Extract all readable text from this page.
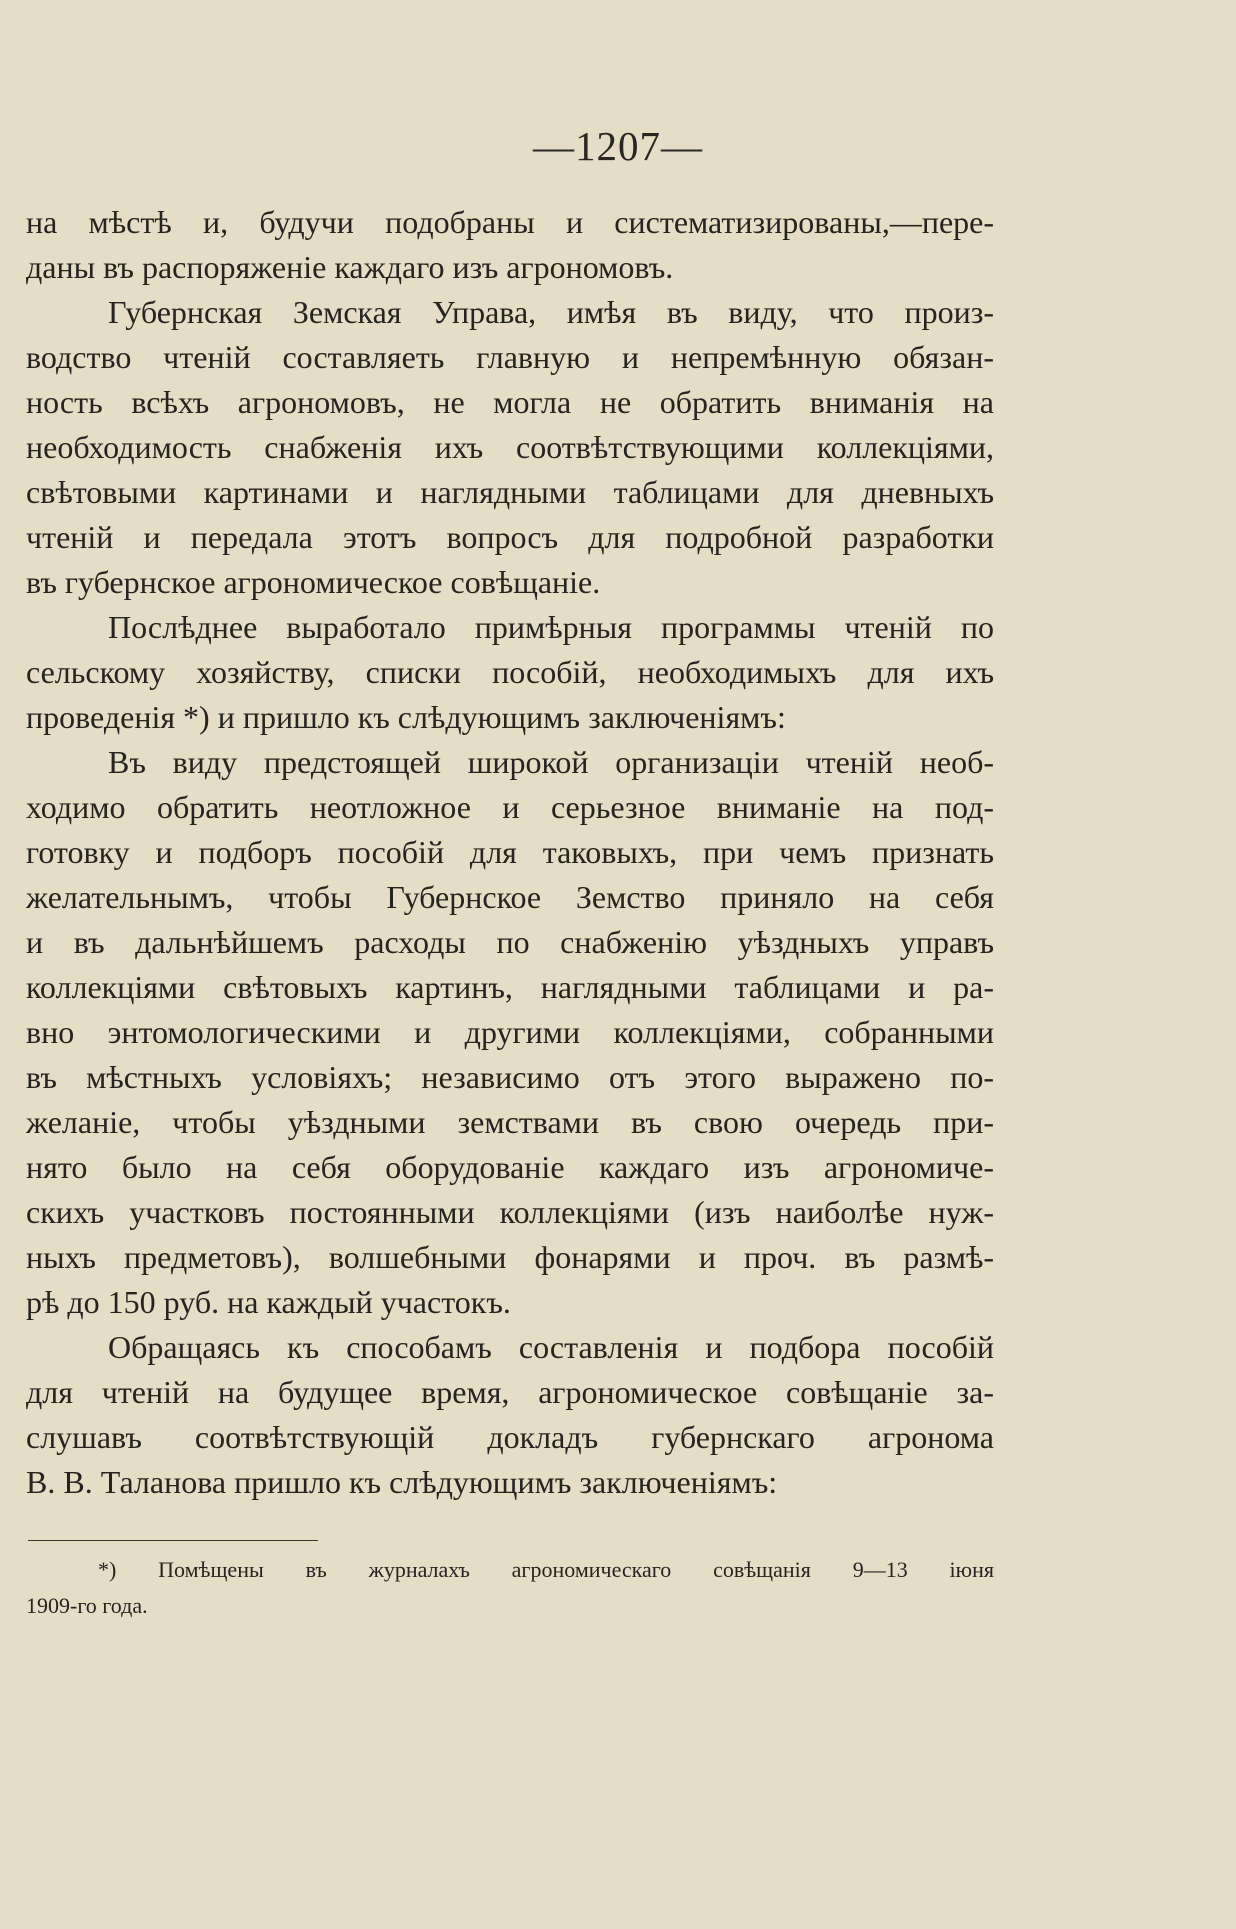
—1207—
на мѣстѣ и, будучи подобраны и систематизированы,—пере-
даны въ распоряженіе каждаго изъ агрономовъ.
Губернская Земская Управа, имѣя въ виду, что произ-
водство чтеній составляеть главную и непремѣнную обязан-
ность всѣхъ агрономовъ, не могла не обратить вниманія на
необходимость снабженія ихъ соотвѣтствующими коллекціями,
свѣтовыми картинами и наглядными таблицами для дневныхъ
чтеній и передала этотъ вопросъ для подробной разработки
въ губернское агрономическое совѣщаніе.
Послѣднее выработало примѣрныя программы чтеній по
сельскому хозяйству, списки пособій, необходимыхъ для ихъ
проведенія *) и пришло къ слѣдующимъ заключеніямъ:
Въ виду предстоящей широкой организаціи чтеній необ-
ходимо обратить неотложное и серьезное вниманіе на под-
готовку и подборъ пособій для таковыхъ, при чемъ признать
желательнымъ, чтобы Губернское Земство приняло на себя
и въ дальнѣйшемъ расходы по снабженію уѣздныхъ управъ
коллекціями свѣтовыхъ картинъ, наглядными таблицами и ра-
вно энтомологическими и другими коллекціями, собранными
въ мѣстныхъ условіяхъ; независимо отъ этого выражено по-
желаніе, чтобы уѣздными земствами въ свою очередь при-
нято было на себя оборудованіе каждаго изъ агрономиче-
скихъ участковъ постоянными коллекціями (изъ наиболѣе нуж-
ныхъ предметовъ), волшебными фонарями и проч. въ размѣ-
рѣ до 150 руб. на каждый участокъ.
Обращаясь къ способамъ составленія и подбора пособій
для чтеній на будущее время, агрономическое совѣщаніе за-
слушавъ соотвѣтствующій докладъ губернскаго агронома
В. В. Таланова пришло къ слѣдующимъ заключеніямъ:
*) Помѣщены въ журналахъ агрономическаго совѣщанія 9—13 іюня
1909-го года.
